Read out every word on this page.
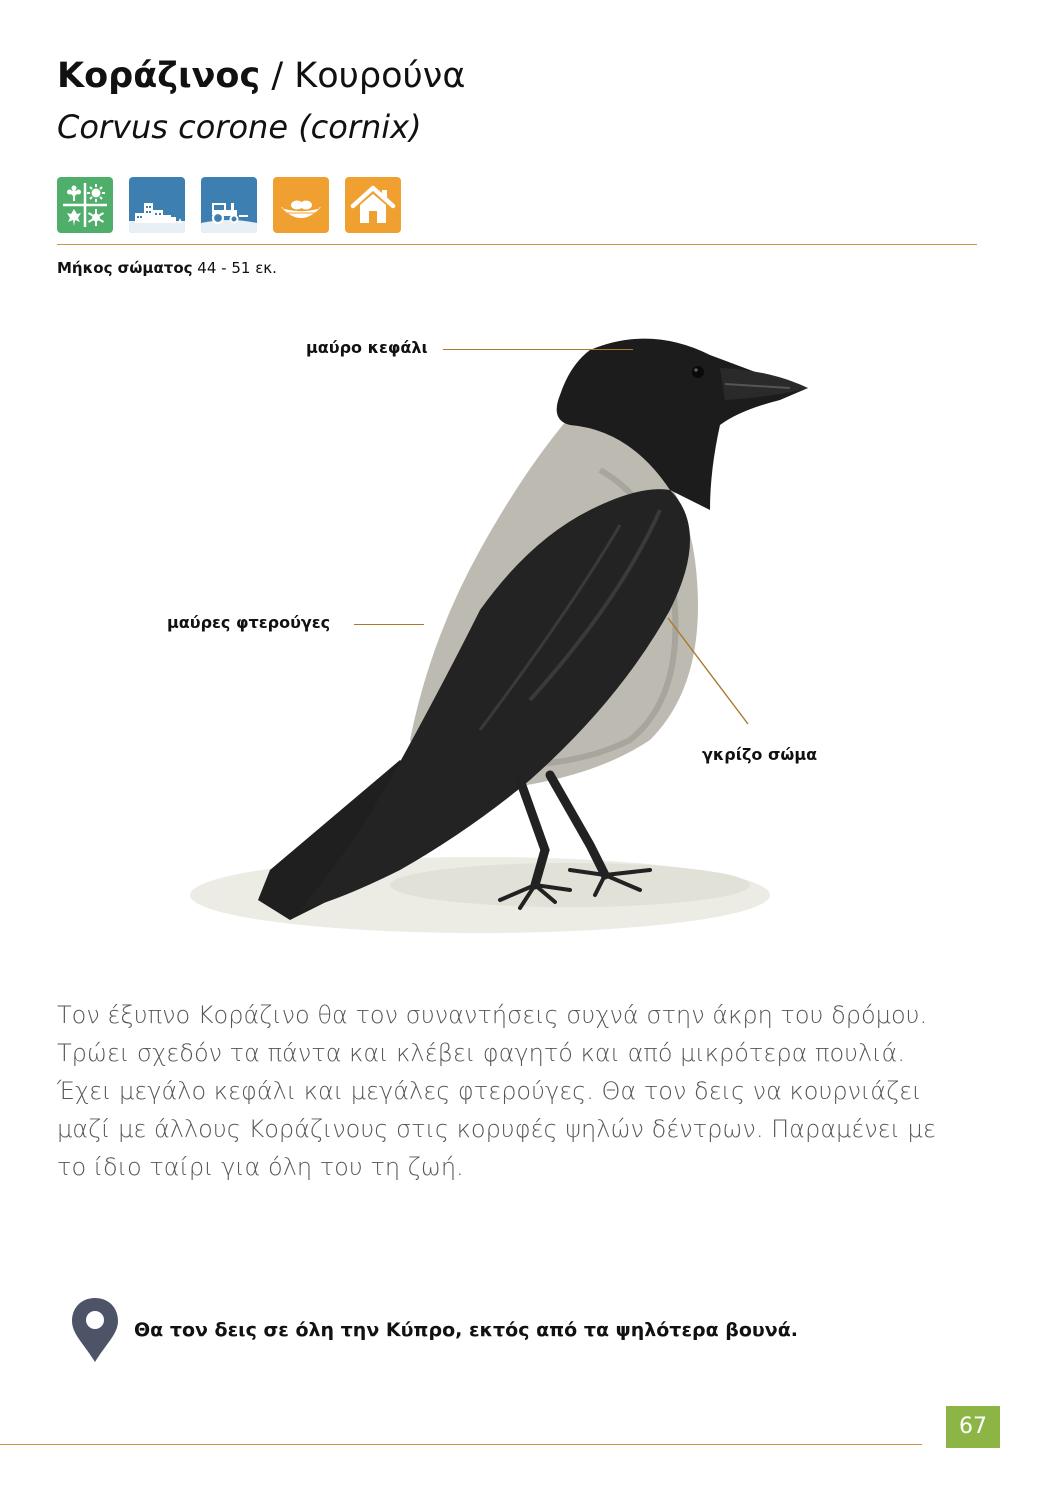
Κοράζινος / Κουρούνα
Corvus corone (cornix)
Μήκος σώματος 44 - 51 εκ.
μαύρο κεφάλι
μαύρες φτερούγες
γκρίζο σώμα

Τον έξυπνο Κοράζινο θα τον συναντήσεις συχνά στην άκρη του δρόμου. Τρώει σχεδόν τα πάντα και κλέβει φαγητό και από μικρότερα πουλιά. Έχει μεγάλο κεφάλι και μεγάλες φτερούγες. Θα τον δεις να κουρνιάζει μαζί με άλλους Κοράζινους στις κορυφές ψηλών δέντρων. Παραμένει με το ίδιο ταίρι για όλη του τη ζωή.

Θα τον δεις σε όλη την Κύπρο, εκτός από τα ψηλότερα βουνά.
67
